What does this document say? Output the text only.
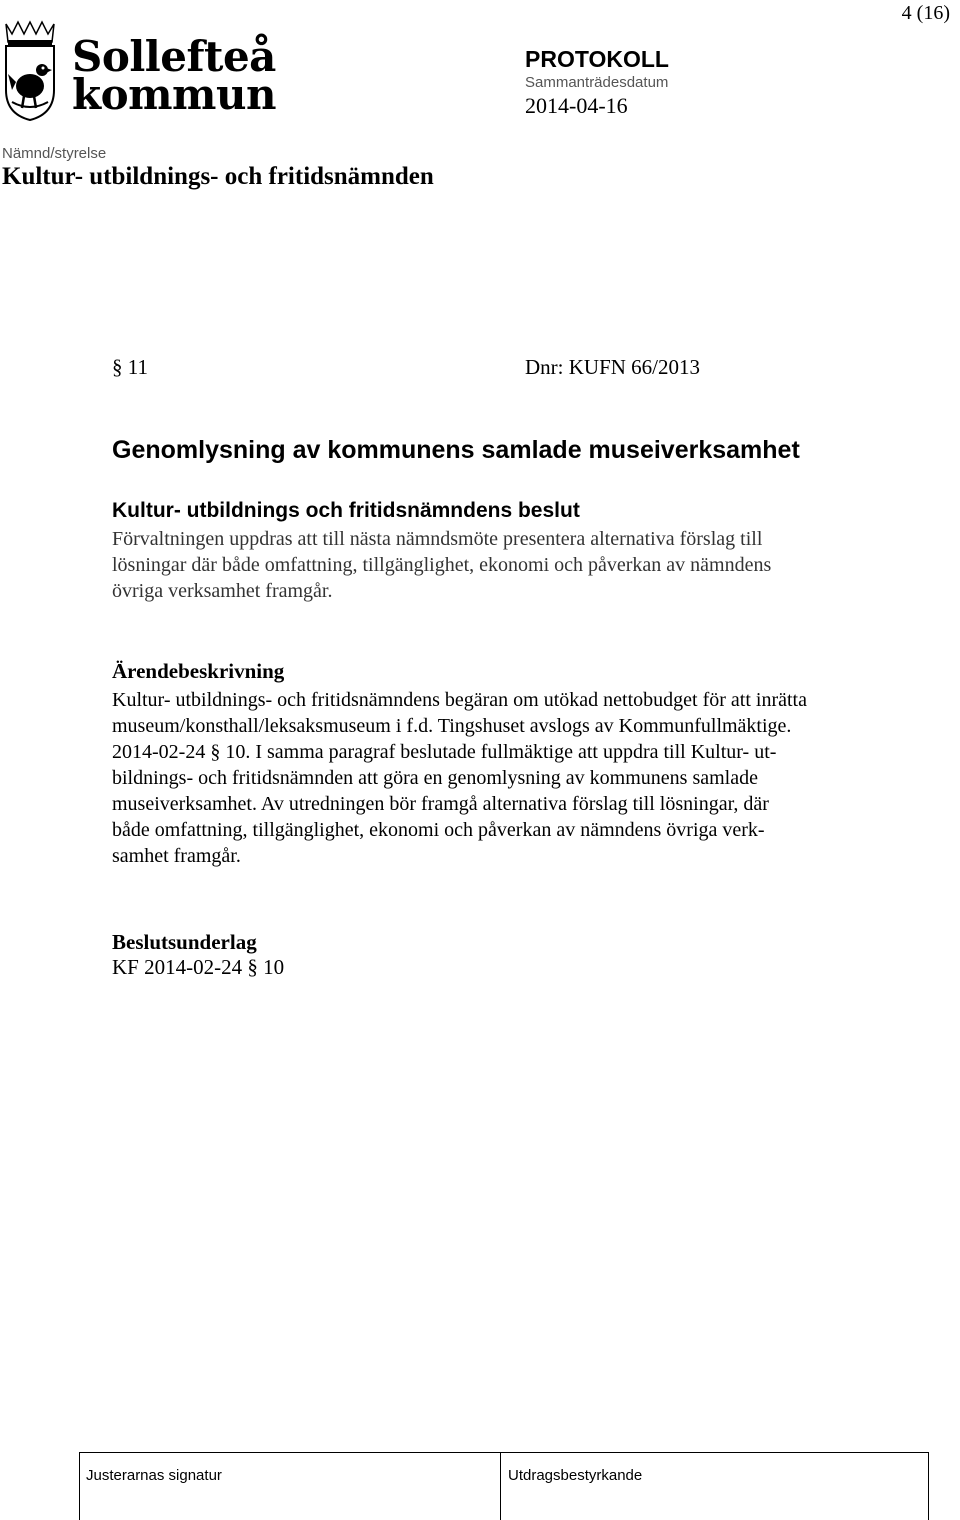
4 (16)
Sollefteå
kommun
PROTOKOLL
Sammanträdesdatum
2014-04-16
Nämnd/styrelse
Kultur- utbildnings- och fritidsnämnden
§ 11	Dnr: KUFN 66/2013
Genomlysning av kommunens samlade museiverksamhet
Kultur- utbildnings och fritidsnämndens beslut
Förvaltningen uppdras att till nästa nämndsmöte presentera alternativa förslag till
lösningar där både omfattning, tillgänglighet, ekonomi och påverkan av nämndens
övriga verksamhet framgår.
Ärendebeskrivning
Kultur- utbildnings- och fritidsnämndens begäran om utökad nettobudget för att inrätta
museum/konsthall/leksaksmuseum i f.d. Tingshuset avslogs av Kommunfullmäktige.
2014-02-24 § 10. I samma paragraf beslutade fullmäktige att uppdra till Kultur- ut-
bildnings- och fritidsnämnden att göra en genomlysning av kommunens samlade
museiverksamhet. Av utredningen bör framgå alternativa förslag till lösningar, där
både omfattning, tillgänglighet, ekonomi och påverkan av nämndens övriga verk-
samhet framgår.
Beslutsunderlag
KF 2014-02-24 § 10
Justerarnas signatur	Utdragsbestyrkande
